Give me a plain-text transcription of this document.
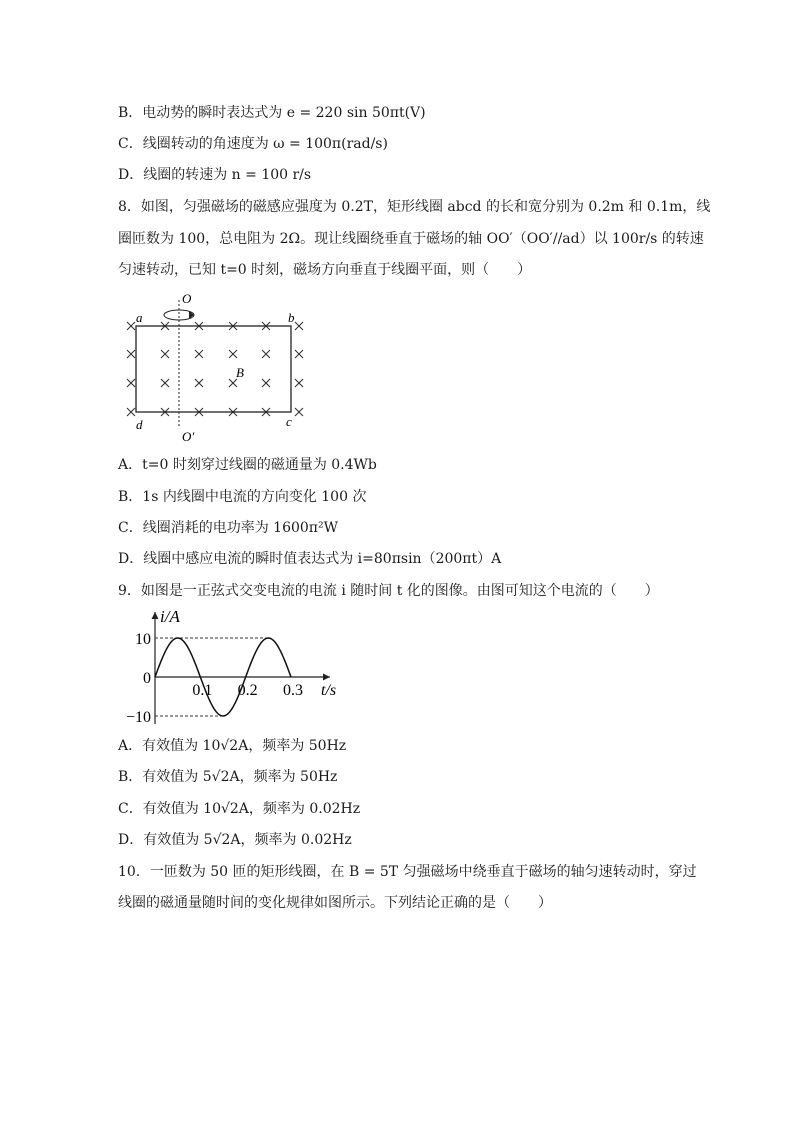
B．电动势的瞬时表达式为 e = 220 sin 50πt(V)
C．线圈转动的角速度为 ω = 100π(rad/s)
D．线圈的转速为 n = 100 r/s
8．如图，匀强磁场的磁感应强度为 0.2T，矩形线圈 abcd 的长和宽分别为 0.2m 和 0.1m，线
圈匝数为 100，总电阻为 2Ω。现让线圈绕垂直于磁场的轴 OO′（OO′//ad）以 100r/s 的转速
匀速转动，已知 t=0 时刻，磁场方向垂直于线圈平面，则（　　）
O
a	b
c
d
O′
B
A．t=0 时刻穿过线圈的磁通量为 0.4Wb
B．1s 内线圈中电流的方向变化 100 次
C．线圈消耗的电功率为 1600π²W
D．线圈中感应电流的瞬时值表达式为 i=80πsin（200πt）A
9．如图是一正弦式交变电流的电流 i 随时间 t 化的图像。由图可知这个电流的（　　）
i/A
t/s
0.1 0.2 0.3
10
0
−10
A．有效值为 10√2A，频率为 50Hz
B．有效值为 5√2A，频率为 50Hz
C．有效值为 10√2A，频率为 0.02Hz
D．有效值为 5√2A，频率为 0.02Hz
10．一匝数为 50 匝的矩形线圈，在 B = 5T 匀强磁场中绕垂直于磁场的轴匀速转动时，穿过
线圈的磁通量随时间的变化规律如图所示。下列结论正确的是（　　）
